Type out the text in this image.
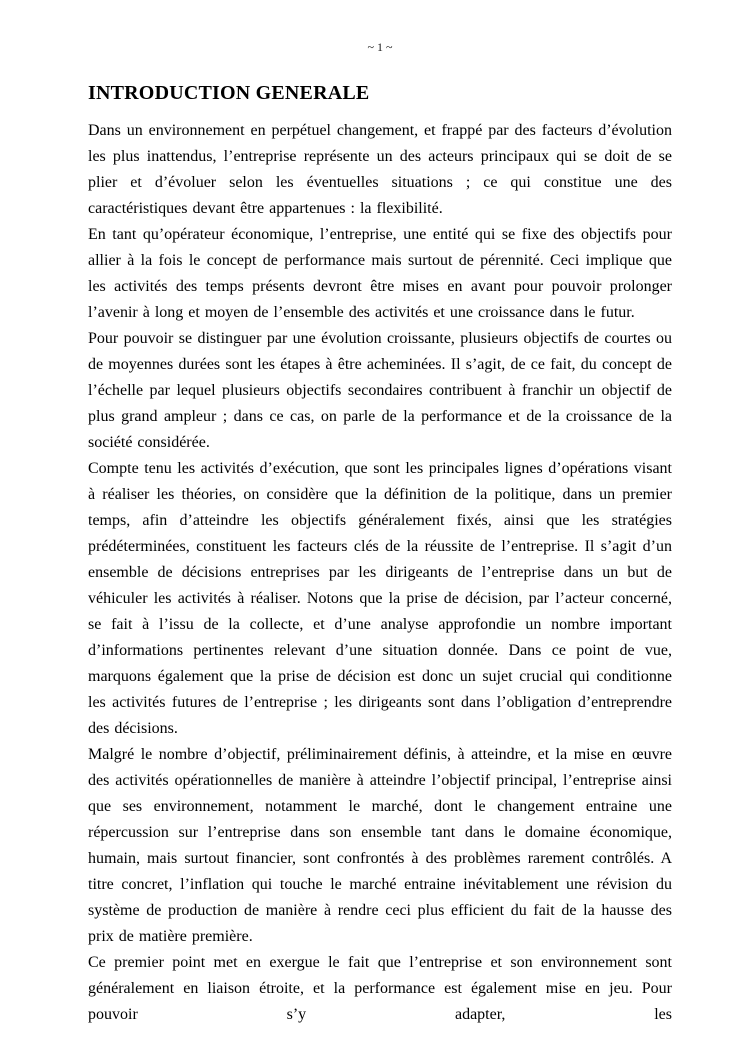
~ 1 ~
INTRODUCTION GENERALE

Dans un environnement en perpétuel changement, et frappé par des facteurs d’évolution les plus inattendus, l’entreprise représente un des acteurs principaux qui se doit de se plier et d’évoluer selon les éventuelles situations ; ce qui constitue une des caractéristiques devant être appartenues : la flexibilité.

En tant qu’opérateur économique, l’entreprise, une entité qui se fixe des objectifs pour allier à la fois le concept de performance mais surtout de pérennité. Ceci implique que les activités des temps présents devront être mises en avant pour pouvoir prolonger l’avenir à long et moyen de l’ensemble des activités et une croissance dans le futur.

Pour pouvoir se distinguer par une évolution croissante, plusieurs objectifs de courtes ou de moyennes durées sont les étapes à être acheminées. Il s’agit, de ce fait, du concept de l’échelle par lequel plusieurs objectifs secondaires contribuent à franchir un objectif de plus grand ampleur ; dans ce cas, on parle de la performance et de la croissance de la société considérée.

Compte tenu les activités d’exécution, que sont les principales lignes d’opérations visant à réaliser les théories, on considère que la définition de la politique, dans un premier temps, afin d’atteindre les objectifs généralement fixés, ainsi que les stratégies prédéterminées, constituent les facteurs clés de la réussite de l’entreprise. Il s’agit d’un ensemble de décisions entreprises par les dirigeants de l’entreprise dans un but de véhiculer les activités à réaliser. Notons que la prise de décision, par l’acteur concerné, se fait à l’issu de la collecte, et d’une analyse approfondie un nombre important d’informations pertinentes relevant d’une situation donnée. Dans ce point de vue, marquons également que la prise de décision est donc un sujet crucial qui conditionne les activités futures de l’entreprise ; les dirigeants sont dans l’obligation d’entreprendre des décisions.

Malgré le nombre d’objectif, préliminairement définis, à atteindre, et la mise en œuvre des activités opérationnelles de manière à atteindre l’objectif principal, l’entreprise ainsi que ses environnement, notamment le marché, dont le changement entraine une répercussion sur l’entreprise dans son ensemble tant dans le domaine économique, humain, mais surtout financier, sont confrontés à des problèmes rarement contrôlés. A titre concret, l’inflation qui touche le marché entraine inévitablement une révision du système de production de manière à rendre ceci plus efficient du fait de la hausse des prix de matière première.

Ce premier point met en exergue le fait que l’entreprise et son environnement sont généralement en liaison étroite, et la performance est également mise en jeu. Pour pouvoir s’y adapter, les
